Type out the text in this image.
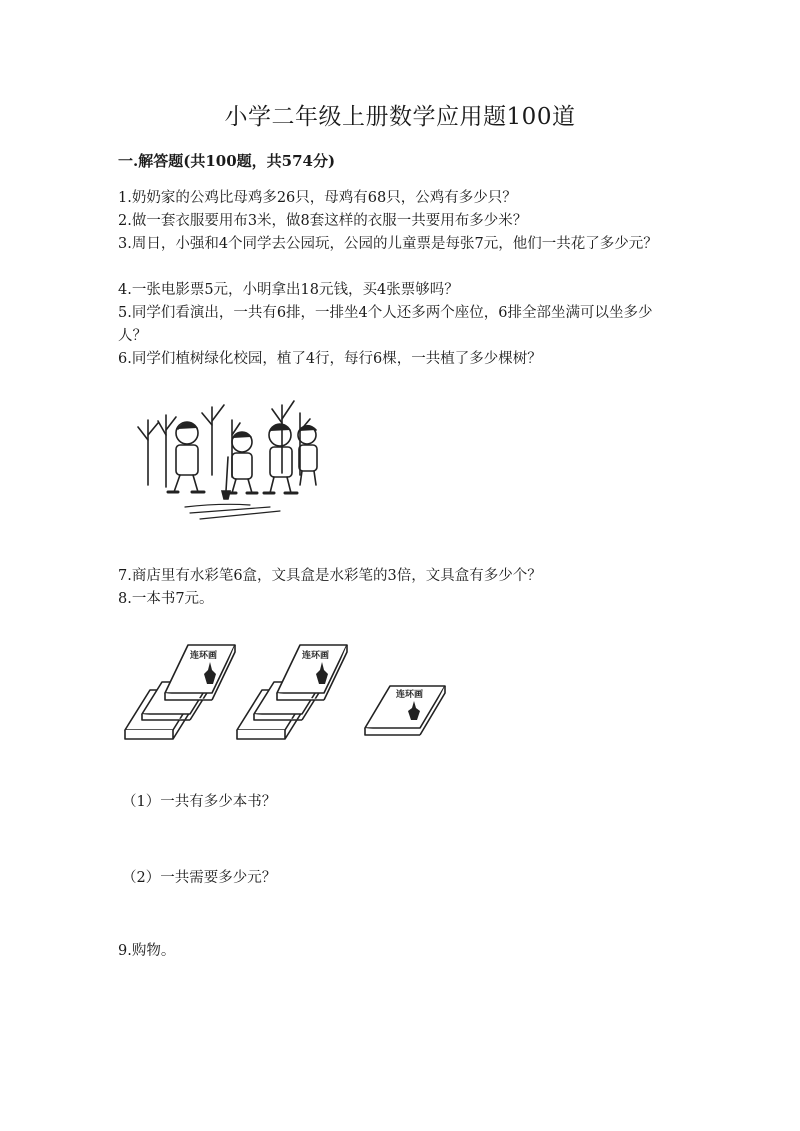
小学二年级上册数学应用题100道
一.解答题(共100题，共574分)
1.奶奶家的公鸡比母鸡多26只，母鸡有68只，公鸡有多少只？
2.做一套衣服要用布3米，做8套这样的衣服一共要用布多少米？
3.周日，小强和4个同学去公园玩，公园的儿童票是每张7元，他们一共花了多少元？
4.一张电影票5元，小明拿出18元钱，买4张票够吗？
5.同学们看演出，一共有6排，一排坐4个人还多两个座位，6排全部坐满可以坐多少人？
6.同学们植树绿化校园，植了4行，每行6棵，一共植了多少棵树？
7.商店里有水彩笔6盒，文具盒是水彩笔的3倍，文具盒有多少个？
8.一本书7元。
连环画	连环画
连环画
（1）一共有多少本书？
（2）一共需要多少元？
9.购物。
